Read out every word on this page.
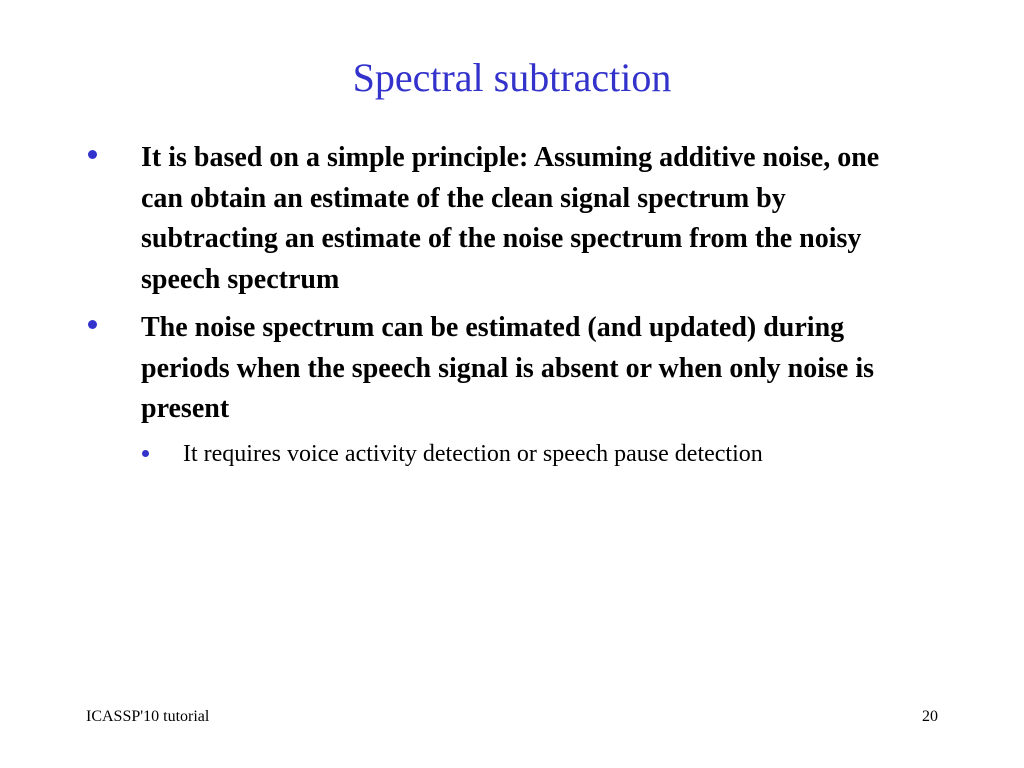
Spectral subtraction
It is based on a simple principle: Assuming additive noise, one can obtain an estimate of the clean signal spectrum by subtracting an estimate of the noise spectrum from the noisy speech spectrum
The noise spectrum can be estimated (and updated) during periods when the speech signal is absent or when only noise is present
It requires voice activity detection or speech pause detection
ICASSP'10 tutorial	20
